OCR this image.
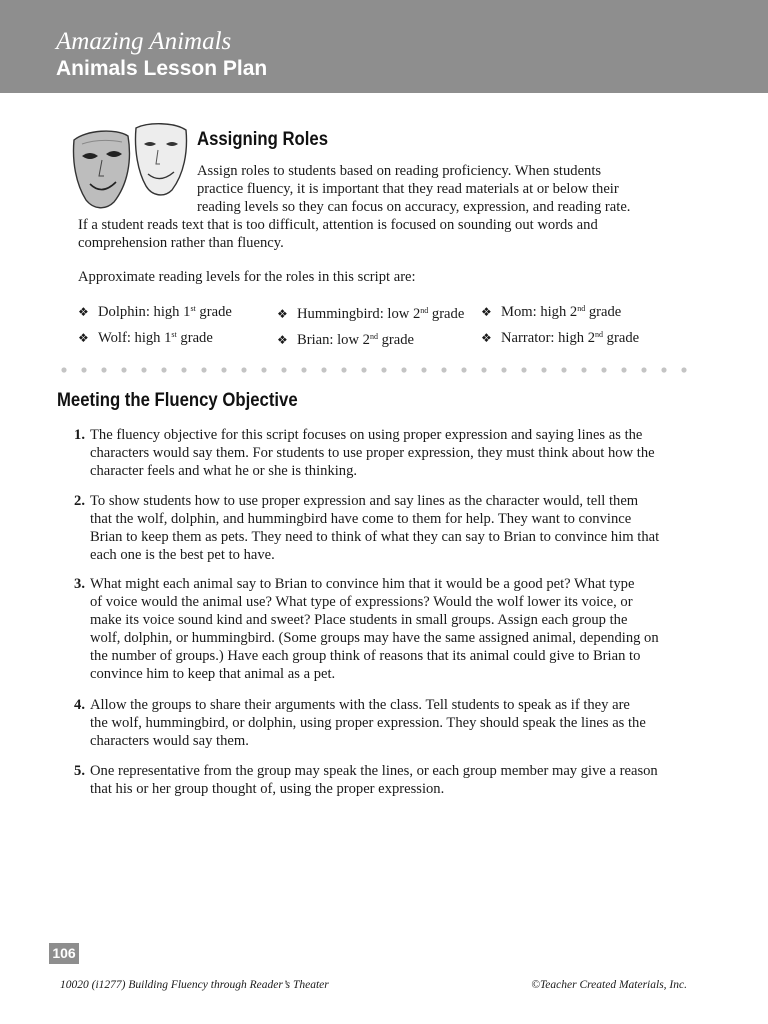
Amazing Animals
Animals Lesson Plan
Assigning Roles
Assign roles to students based on reading proficiency. When students
practice fluency, it is important that they read materials at or below their
reading levels so they can focus on accuracy, expression, and reading rate.
If a student reads text that is too difficult, attention is focused on sounding out words and
comprehension rather than fluency.
Approximate reading levels for the roles in this script are:
❖ Dolphin: high 1st grade
❖ Wolf: high 1st grade
❖ Hummingbird: low 2nd grade
❖ Brian: low 2nd grade
❖ Mom: high 2nd grade
❖ Narrator: high 2nd grade
Meeting the Fluency Objective
1. The fluency objective for this script focuses on using proper expression and saying lines as the
characters would say them. For students to use proper expression, they must think about how the
character feels and what he or she is thinking.
2. To show students how to use proper expression and say lines as the character would, tell them
that the wolf, dolphin, and hummingbird have come to them for help. They want to convince
Brian to keep them as pets. They need to think of what they can say to Brian to convince him that
each one is the best pet to have.
3. What might each animal say to Brian to convince him that it would be a good pet? What type
of voice would the animal use? What type of expressions? Would the wolf lower its voice, or
make its voice sound kind and sweet? Place students in small groups. Assign each group the
wolf, dolphin, or hummingbird. (Some groups may have the same assigned animal, depending on
the number of groups.) Have each group think of reasons that its animal could give to Brian to
convince him to keep that animal as a pet.
4. Allow the groups to share their arguments with the class. Tell students to speak as if they are
the wolf, hummingbird, or dolphin, using proper expression. They should speak the lines as the
characters would say them.
5. One representative from the group may speak the lines, or each group member may give a reason
that his or her group thought of, using the proper expression.
106
10020 (i1277) Building Fluency through Reader’s Theater	©Teacher Created Materials, Inc.
